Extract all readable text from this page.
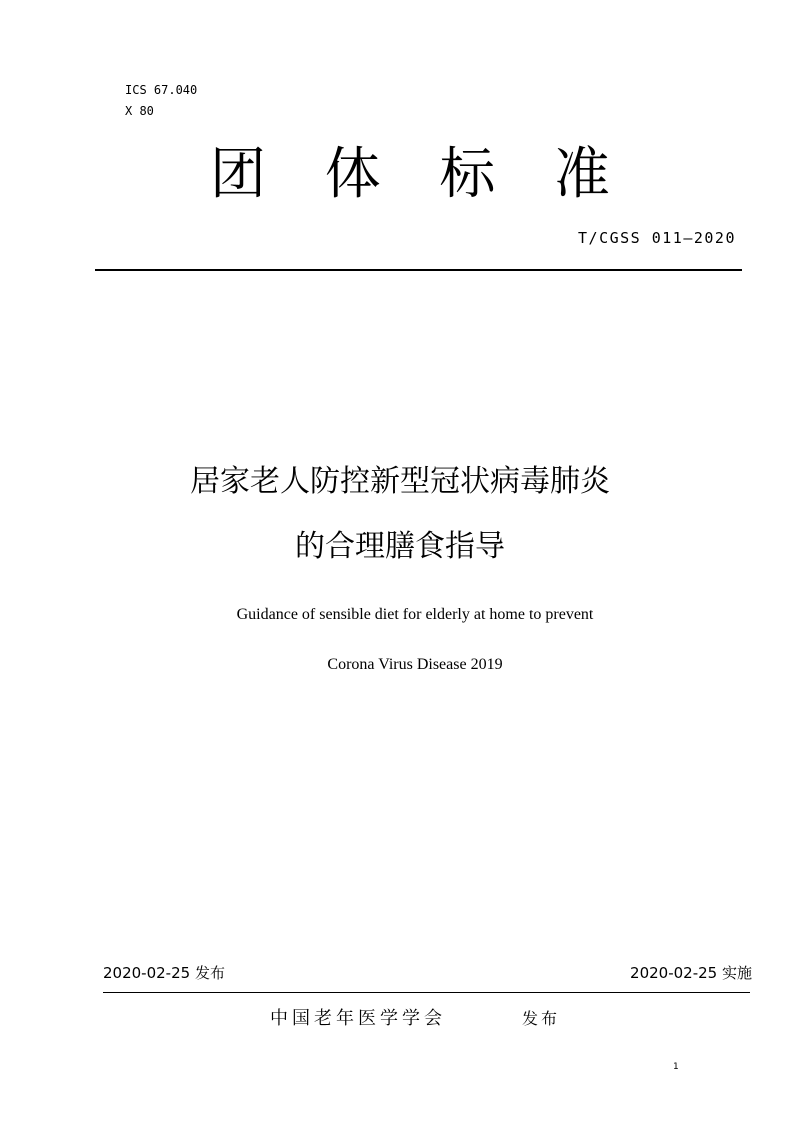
ICS 67.040
X 80
团 体 标 准
T/CGSS 011—2020
居家老人防控新型冠状病毒肺炎
的合理膳食指导
Guidance of sensible diet for elderly at home to prevent
Corona Virus Disease 2019
2020-02-25 发布	2020-02-25 实施
中国老年医学学会	发布
1
